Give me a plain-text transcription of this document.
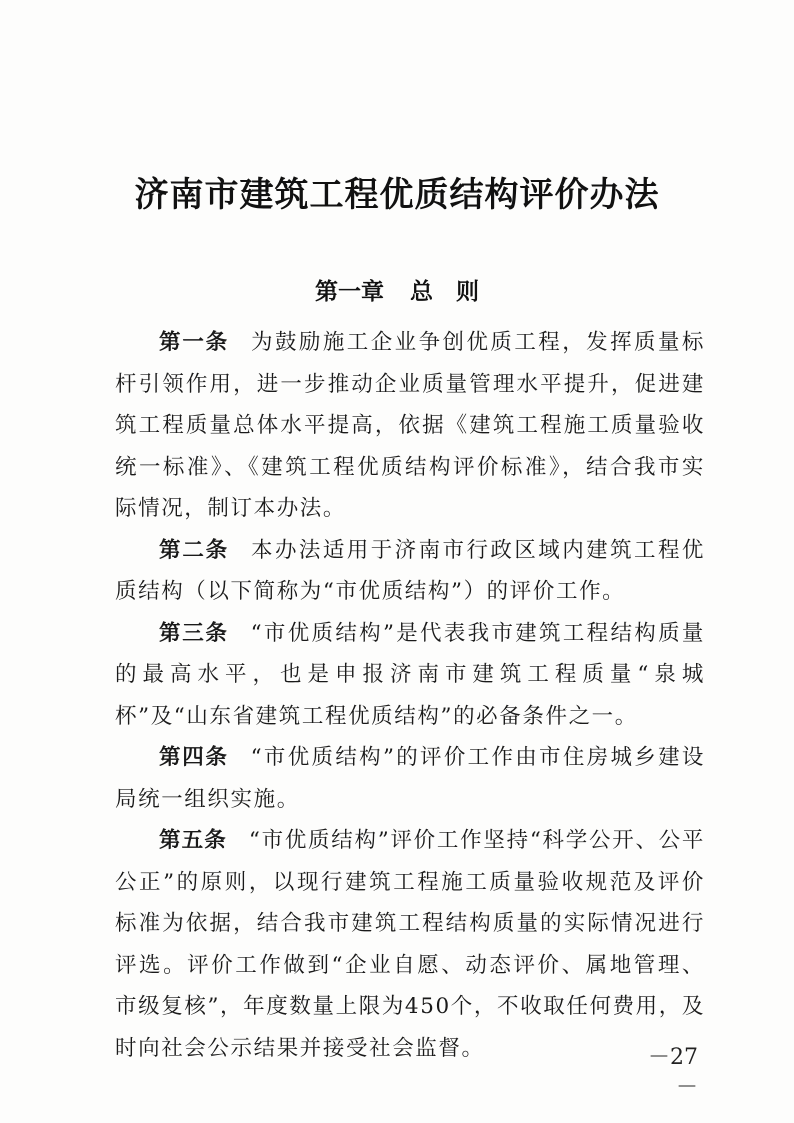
济南市建筑工程优质结构评价办法
第一章 总　则

第一条 为鼓励施工企业争创优质工程，发挥质量标杆引领作用，进一步推动企业质量管理水平提升，促进建筑工程质量总体水平提高，依据《建筑工程施工质量验收统一标准》、《建筑工程优质结构评价标准》，结合我市实际情况，制订本办法。

第二条 本办法适用于济南市行政区域内建筑工程优质结构（以下简称为“市优质结构”）的评价工作。

第三条 “市优质结构”是代表我市建筑工程结构质量的最高水平，也是申报济南市建筑工程质量“泉城杯”及“山东省建筑工程优质结构”的必备条件之一。

第四条 “市优质结构”的评价工作由市住房城乡建设局统一组织实施。

第五条 “市优质结构”评价工作坚持“科学公开、公平公正”的原则，以现行建筑工程施工质量验收规范及评价标准为依据，结合我市建筑工程结构质量的实际情况进行评选。评价工作做到“企业自愿、动态评价、属地管理、市级复核”，年度数量上限为450个，不收取任何费用，及时向社会公示结果并接受社会监督。	－27－
